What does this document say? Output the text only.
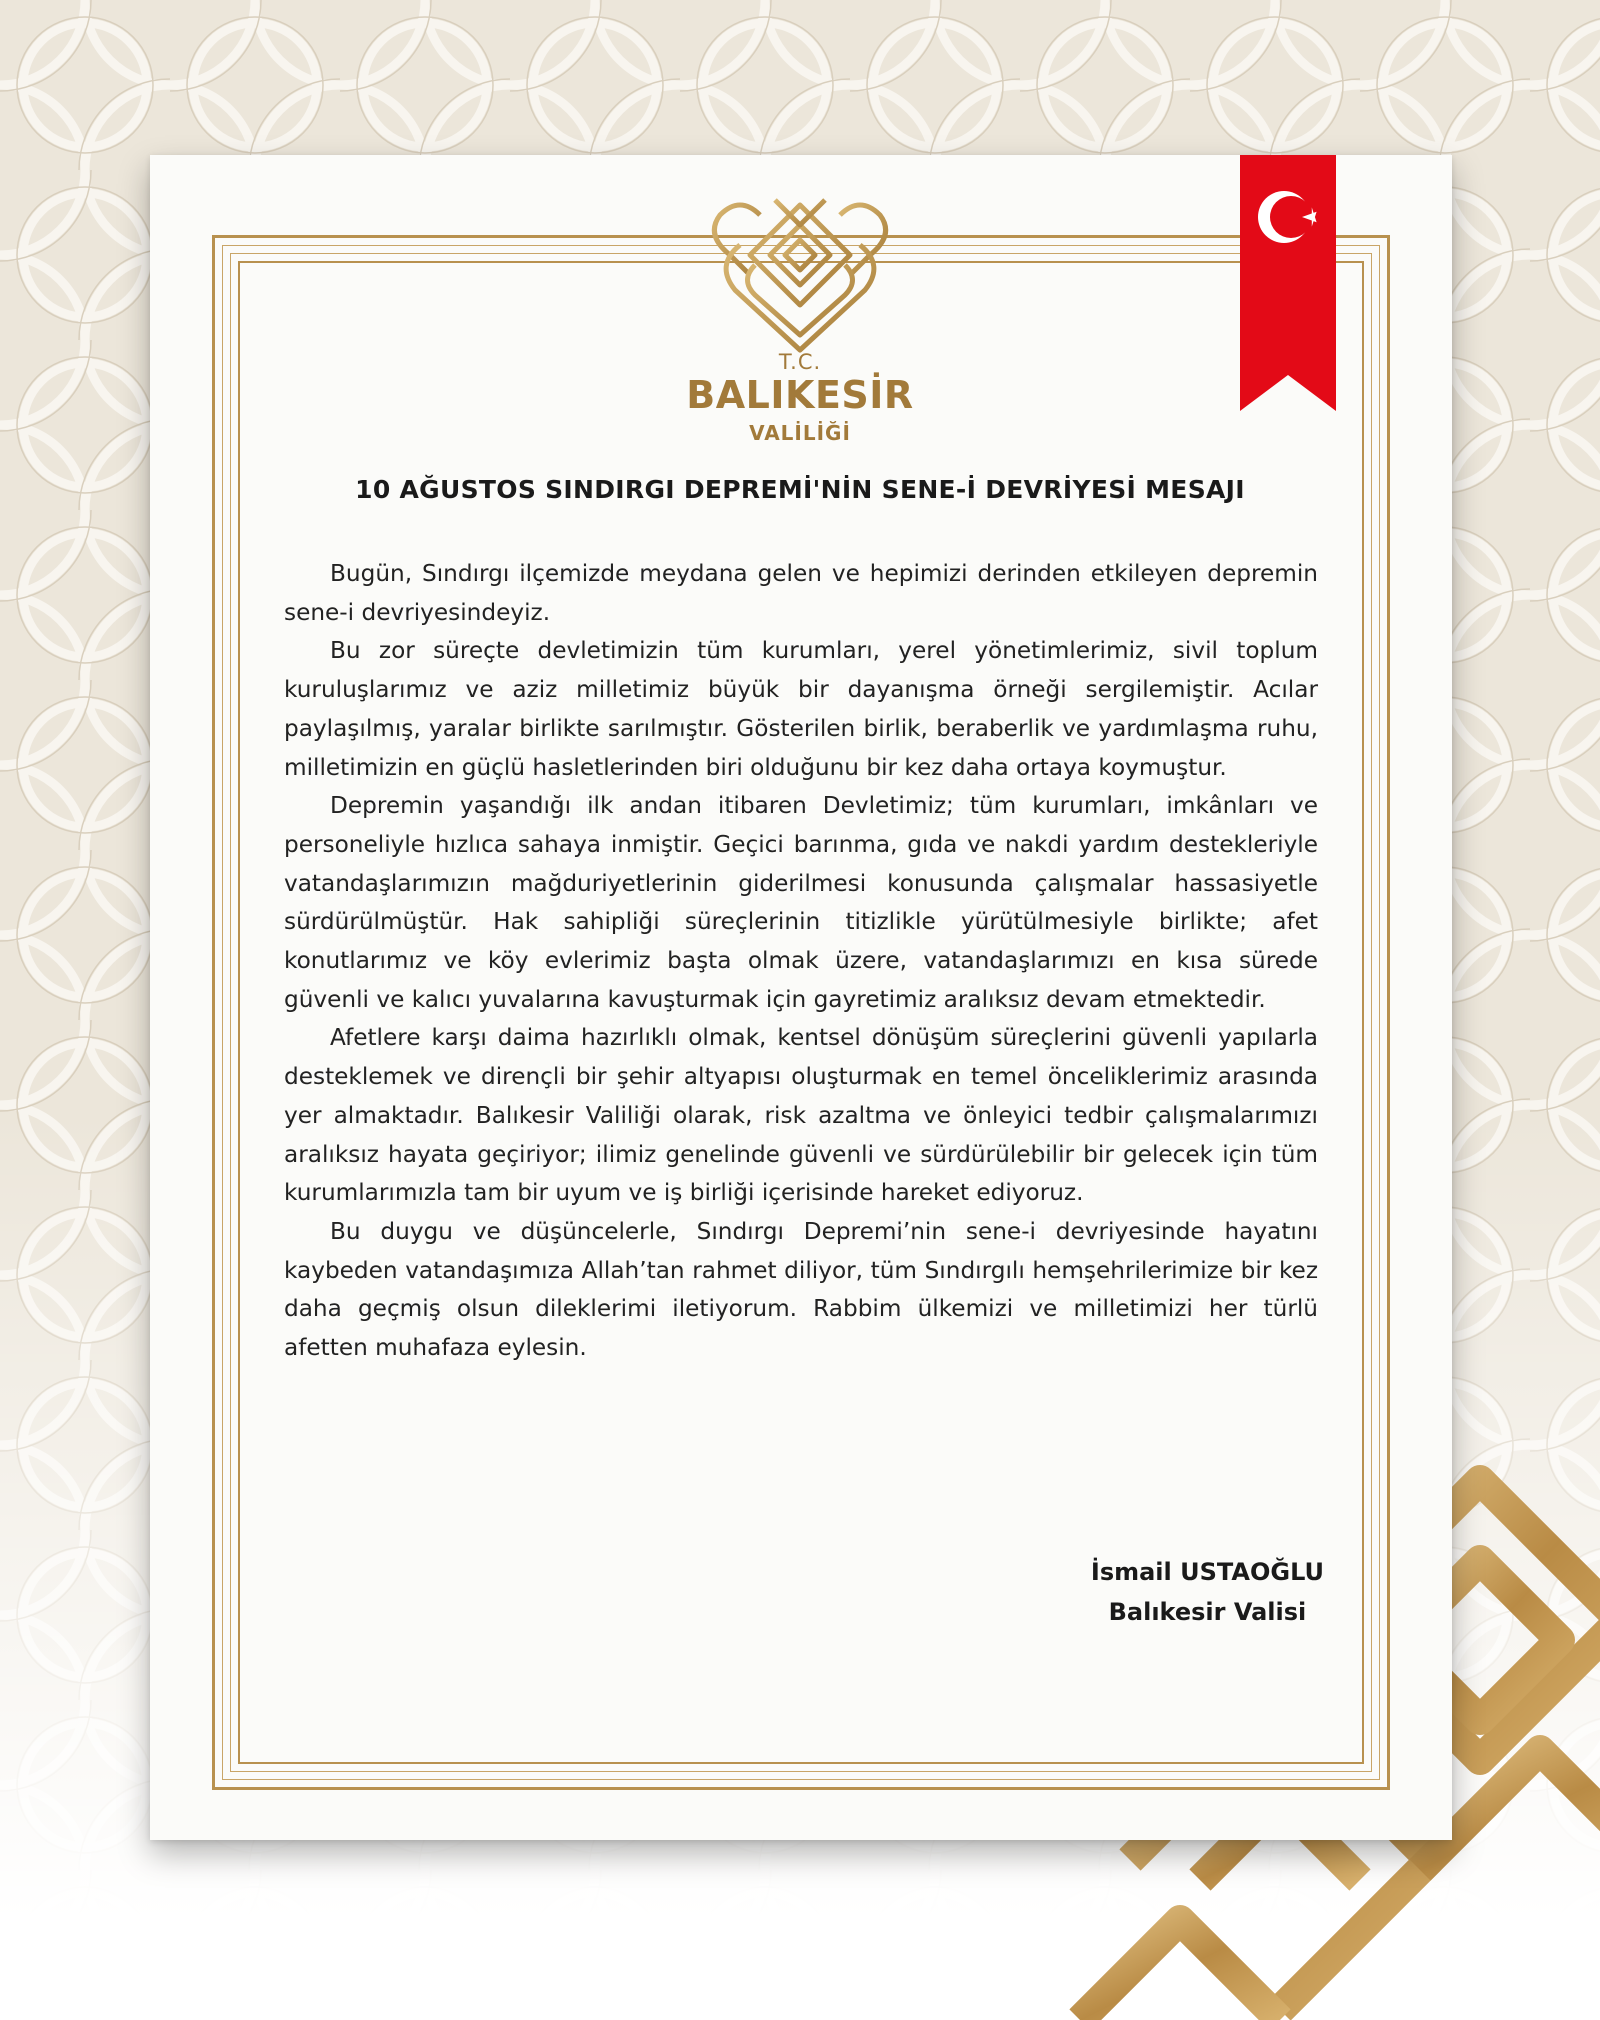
T.C.
BALIKESİR
VALİLİĞİ
10 AĞUSTOS SINDIRGI DEPREMİ'NİN SENE-İ DEVRİYESİ MESAJI

Bugün, Sındırgı ilçemizde meydana gelen ve hepimizi derinden etkileyen depremin sene-i devriyesindeyiz.

Bu zor süreçte devletimizin tüm kurumları, yerel yönetimlerimiz, sivil toplum kuruluşlarımız ve aziz milletimiz büyük bir dayanışma örneği sergilemiştir. Acılar paylaşılmış, yaralar birlikte sarılmıştır. Gösterilen birlik, beraberlik ve yardımlaşma ruhu, milletimizin en güçlü hasletlerinden biri olduğunu bir kez daha ortaya koymuştur.

Depremin yaşandığı ilk andan itibaren Devletimiz; tüm kurumları, imkânları ve personeliyle hızlıca sahaya inmiştir. Geçici barınma, gıda ve nakdi yardım destekleriyle vatandaşlarımızın mağduriyetlerinin giderilmesi konusunda çalışmalar hassasiyetle sürdürülmüştür. Hak sahipliği süreçlerinin titizlikle yürütülmesiyle birlikte; afet konutlarımız ve köy evlerimiz başta olmak üzere, vatandaşlarımızı en kısa sürede güvenli ve kalıcı yuvalarına kavuşturmak için gayretimiz aralıksız devam etmektedir.

Afetlere karşı daima hazırlıklı olmak, kentsel dönüşüm süreçlerini güvenli yapılarla desteklemek ve dirençli bir şehir altyapısı oluşturmak en temel önceliklerimiz arasında yer almaktadır. Balıkesir Valiliği olarak, risk azaltma ve önleyici tedbir çalışmalarımızı aralıksız hayata geçiriyor; ilimiz genelinde güvenli ve sürdürülebilir bir gelecek için tüm kurumlarımızla tam bir uyum ve iş birliği içerisinde hareket ediyoruz.

Bu duygu ve düşüncelerle, Sındırgı Depremi’nin sene-i devriyesinde hayatını kaybeden vatandaşımıza Allah’tan rahmet diliyor, tüm Sındırgılı hemşehrilerimize bir kez daha geçmiş olsun dileklerimi iletiyorum. Rabbim ülkemizi ve milletimizi her türlü afetten muhafaza eylesin.

İsmail USTAOĞLU
Balıkesir Valisi
